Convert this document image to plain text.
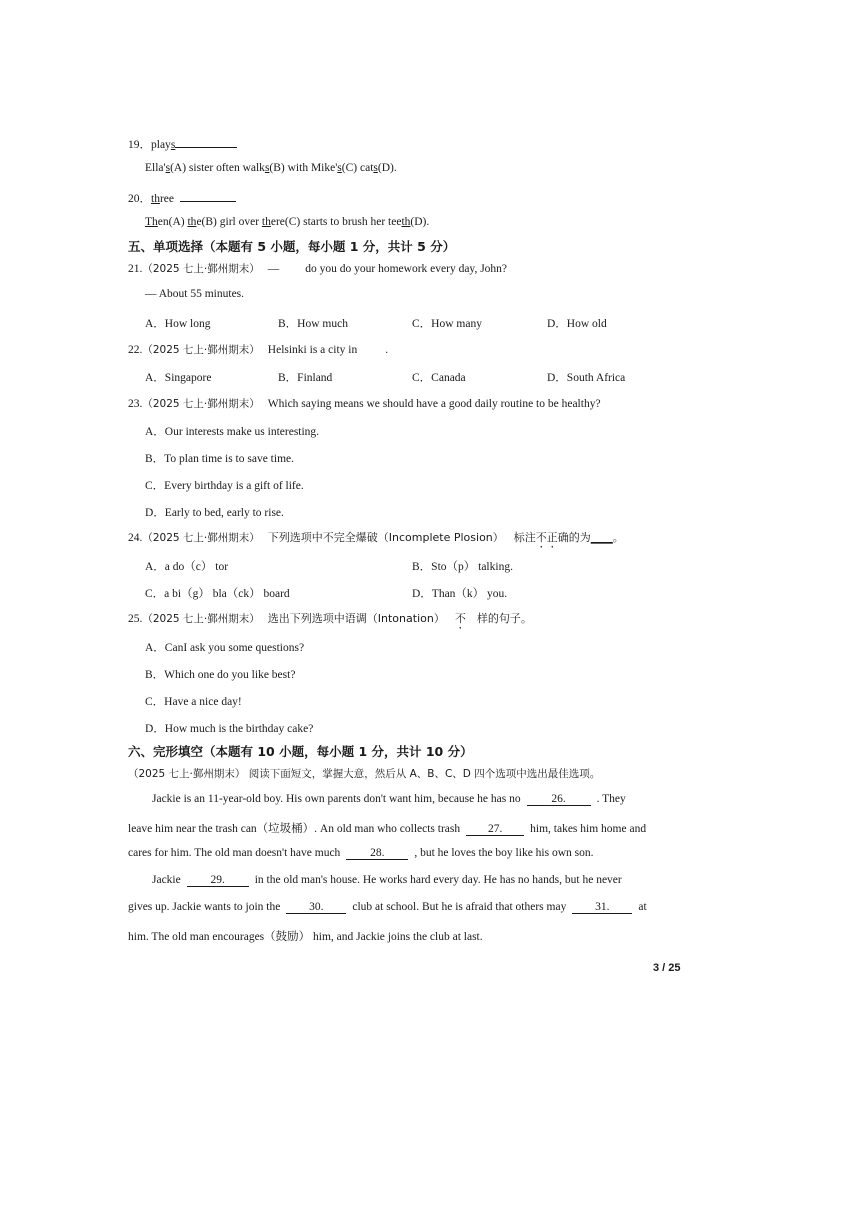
19．plays
Ella's(A) sister often walks(B) with Mike's(C) cats(D).
20．three
Then(A) the(B) girl over there(C) starts to brush her teeth(D).
五、单项选择（本题有 5 小题，每小题 1 分，共计 5 分）
21.（2025 七上·鄞州期末） — do you do your homework every day, John?
— About 55 minutes.
A．How long	B．How much	C．How many	D．How old
22.（2025 七上·鄞州期末） Helsinki is a city in .
A．Singapore	B．Finland	C．Canada	D．South Africa
23.（2025 七上·鄞州期末） Which saying means we should have a good daily routine to be healthy?
A．Our interests make us interesting.
B．To plan time is to save time.
C．Every birthday is a gift of life.
D．Early to bed, early to rise.
24.（2025 七上·鄞州期末） 下列选项中不完全爆破（Incomplete Plosion） 标注不正确的为____。
A．a do（c） tor	B．Sto（p） talking.
C．a bi（g） bla（ck） board	D．Than（k） you.
25.（2025 七上·鄞州期末） 选出下列选项中语调（Intonation） 不一样的句子。
A．CanI ask you some questions?
B．Which one do you like best?
C．Have a nice day!
D．How much is the birthday cake?
六、完形填空（本题有 10 小题，每小题 1 分，共计 10 分）
（2025 七上·鄞州期末） 阅读下面短文，掌握大意，然后从 A、B、C、D 四个选项中选出最佳选项。
Jackie is an 11-year-old boy. His own parents don't want him, because he has no	26.	. They
leave him near the trash can（垃圾桶）. An old man who collects trash 27. him, takes him home and
cares for him. The old man doesn't have much	28.	, but he loves the boy like his own son.
Jackie	29.	in the old man's house. He works hard every day. He has no hands, but he never
gives up. Jackie wants to join the	30.	club at school. But he is afraid that others may	31.	at
him. The old man encourages（鼓励） him, and Jackie joins the club at last.
3 / 25
